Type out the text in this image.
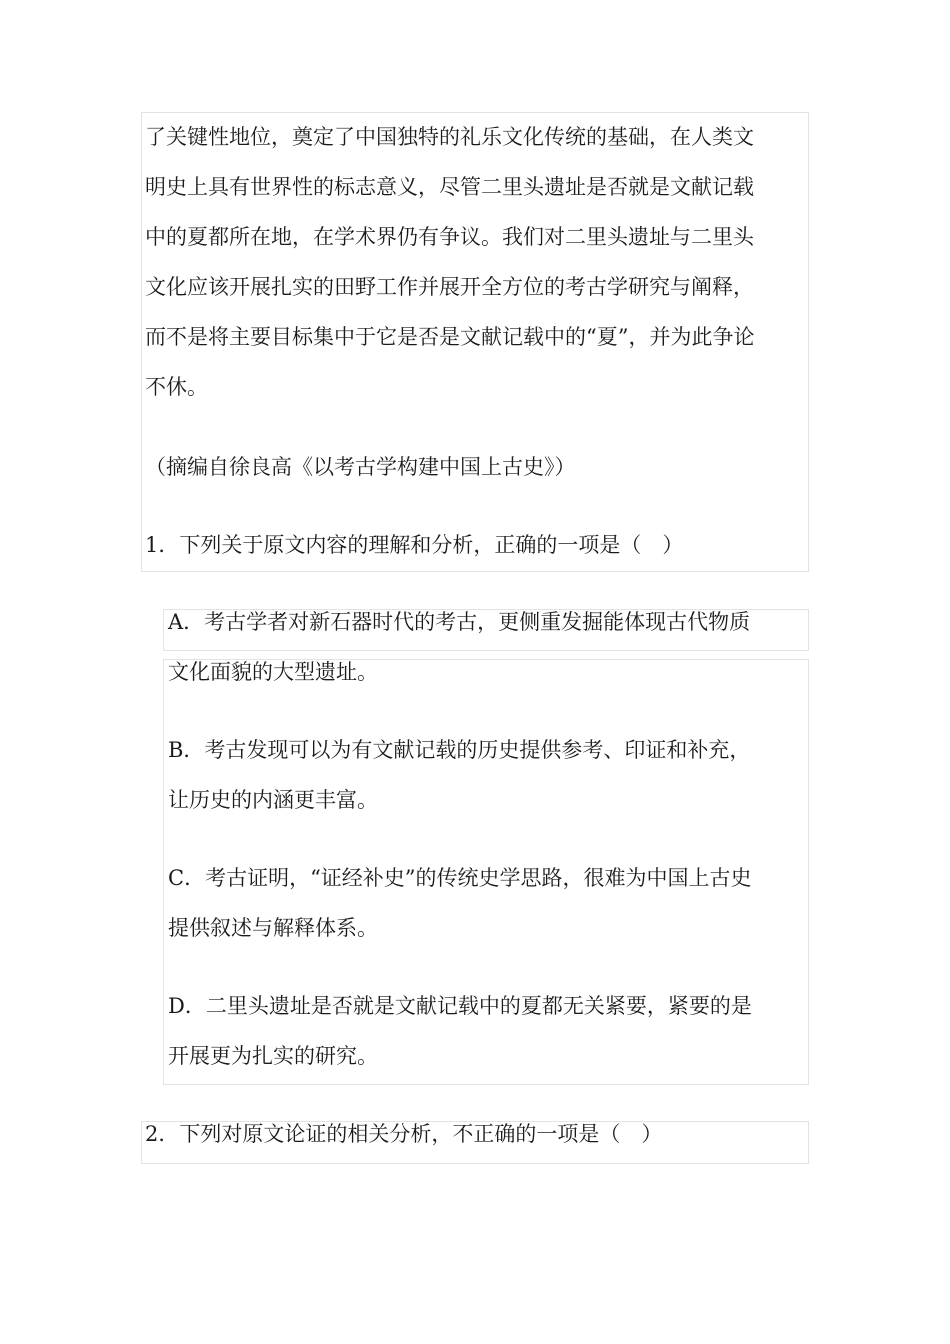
了关键性地位，奠定了中国独特的礼乐文化传统的基础，在人类文
明史上具有世界性的标志意义，尽管二里头遗址是否就是文献记载
中的夏都所在地，在学术界仍有争议。我们对二里头遗址与二里头
文化应该开展扎实的田野工作并展开全方位的考古学研究与阐释，
而不是将主要目标集中于它是否是文献记载中的“夏”，并为此争论
不休。
（摘编自徐良高《以考古学构建中国上古史》）
1．下列关于原文内容的理解和分析，正确的一项是（　）
A．考古学者对新石器时代的考古，更侧重发掘能体现古代物质
文化面貌的大型遗址。
B．考古发现可以为有文献记载的历史提供参考、印证和补充，
让历史的内涵更丰富。
C．考古证明，“证经补史”的传统史学思路，很难为中国上古史
提供叙述与解释体系。
D．二里头遗址是否就是文献记载中的夏都无关紧要，紧要的是
开展更为扎实的研究。
2．下列对原文论证的相关分析，不正确的一项是（　）
